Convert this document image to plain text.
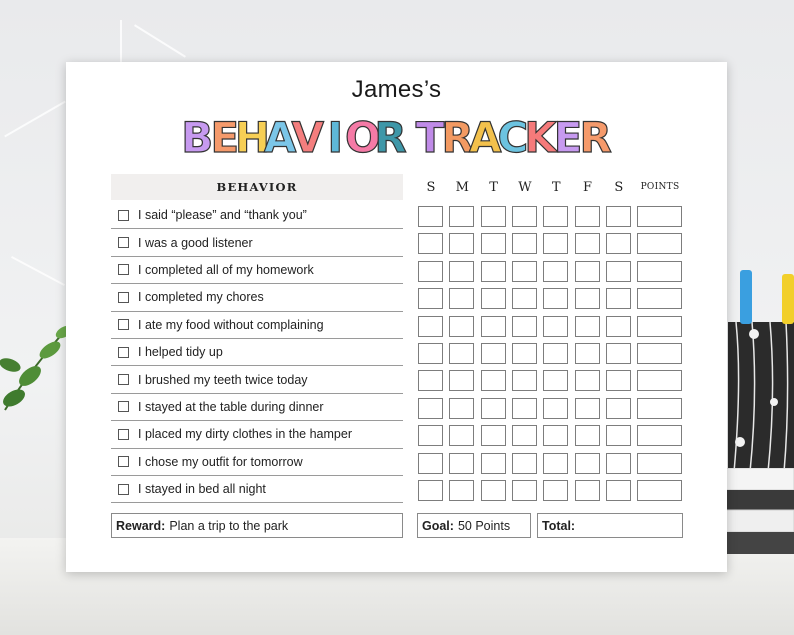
James’s
B
E
H
A
V I O
R T
R
A
C
K
E
R
BEHAVIOR	S	M	T	W	T	F	S	POINTS
I said “please” and “thank you”
I was a good listener
I completed all of my homework
I completed my chores
I ate my food without complaining
I helped tidy up
I brushed my teeth twice today
I stayed at the table during dinner
I placed my dirty clothes in the hamper
I chose my outfit for tomorrow
I stayed in bed all night
Reward: Plan a trip to the park	Goal: 50 Points	Total:
